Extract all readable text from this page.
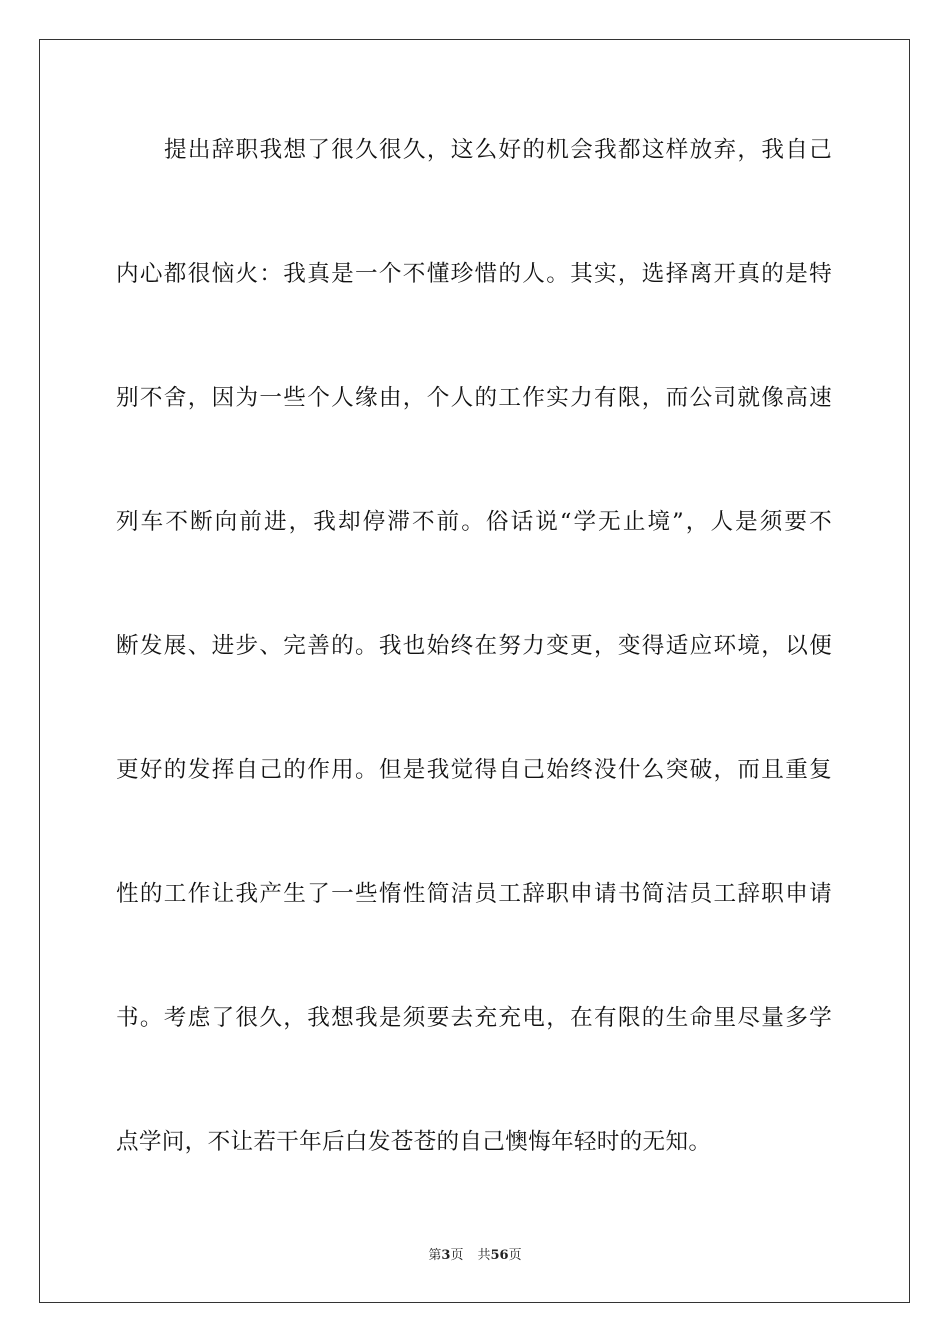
提出辞职我想了很久很久，这么好的机会我都这样放弃，我自己
内心都很恼火：我真是一个不懂珍惜的人。其实，选择离开真的是特
别不舍，因为一些个人缘由，个人的工作实力有限，而公司就像高速
列车不断向前进，我却停滞不前。俗话说“学无止境”，人是须要不
断发展、进步、完善的。我也始终在努力变更，变得适应环境，以便
更好的发挥自己的作用。但是我觉得自己始终没什么突破，而且重复
性的工作让我产生了一些惰性简洁员工辞职申请书简洁员工辞职申请
书。考虑了很久，我想我是须要去充充电，在有限的生命里尽量多学
点学问，不让若干年后白发苍苍的自己懊悔年轻时的无知。
第3页 共56页
